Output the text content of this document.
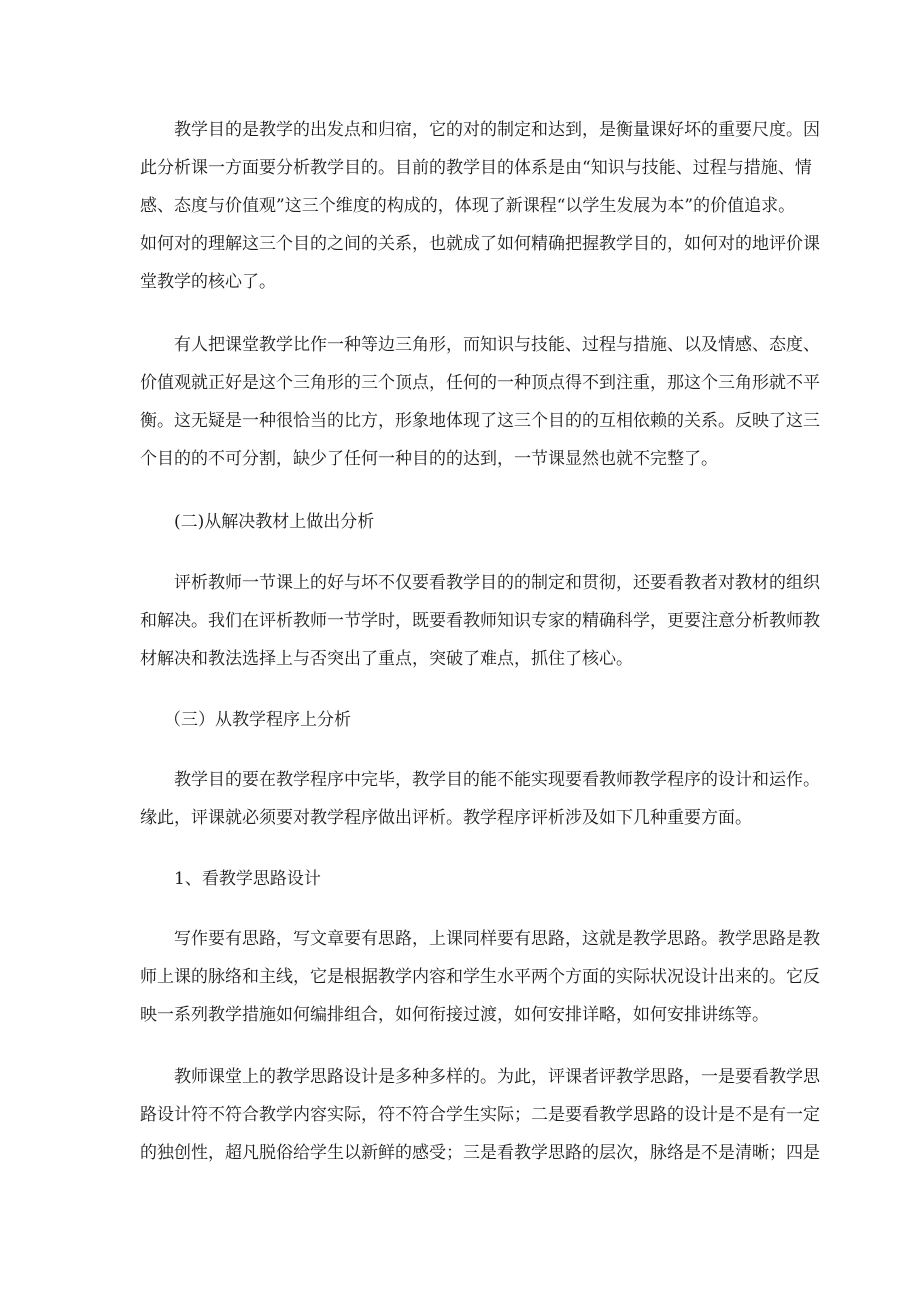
教学目的是教学的出发点和归宿，它的对的制定和达到，是衡量课好坏的重要尺度。因
此分析课一方面要分析教学目的。目前的教学目的体系是由“知识与技能、过程与措施、情
感、态度与价值观”这三个维度的构成的，体现了新课程“以学生发展为本”的价值追求。
如何对的理解这三个目的之间的关系，也就成了如何精确把握教学目的，如何对的地评价课
堂教学的核心了。
有人把课堂教学比作一种等边三角形，而知识与技能、过程与措施、以及情感、态度、
价值观就正好是这个三角形的三个顶点，任何的一种顶点得不到注重，那这个三角形就不平
衡。这无疑是一种很恰当的比方，形象地体现了这三个目的的互相依赖的关系。反映了这三
个目的的不可分割，缺少了任何一种目的的达到，一节课显然也就不完整了。
(二)从解决教材上做出分析
评析教师一节课上的好与坏不仅要看教学目的的制定和贯彻，还要看教者对教材的组织
和解决。我们在评析教师一节学时，既要看教师知识专家的精确科学，更要注意分析教师教
材解决和教法选择上与否突出了重点，突破了难点，抓住了核心。
（三）从教学程序上分析
教学目的要在教学程序中完毕，教学目的能不能实现要看教师教学程序的设计和运作。
缘此，评课就必须要对教学程序做出评析。教学程序评析涉及如下几种重要方面。
1、看教学思路设计
写作要有思路，写文章要有思路，上课同样要有思路，这就是教学思路。教学思路是教
师上课的脉络和主线，它是根据教学内容和学生水平两个方面的实际状况设计出来的。它反
映一系列教学措施如何编排组合，如何衔接过渡，如何安排详略，如何安排讲练等。
教师课堂上的教学思路设计是多种多样的。为此，评课者评教学思路，一是要看教学思
路设计符不符合教学内容实际，符不符合学生实际；二是要看教学思路的设计是不是有一定
的独创性，超凡脱俗给学生以新鲜的感受；三是看教学思路的层次，脉络是不是清晰；四是
